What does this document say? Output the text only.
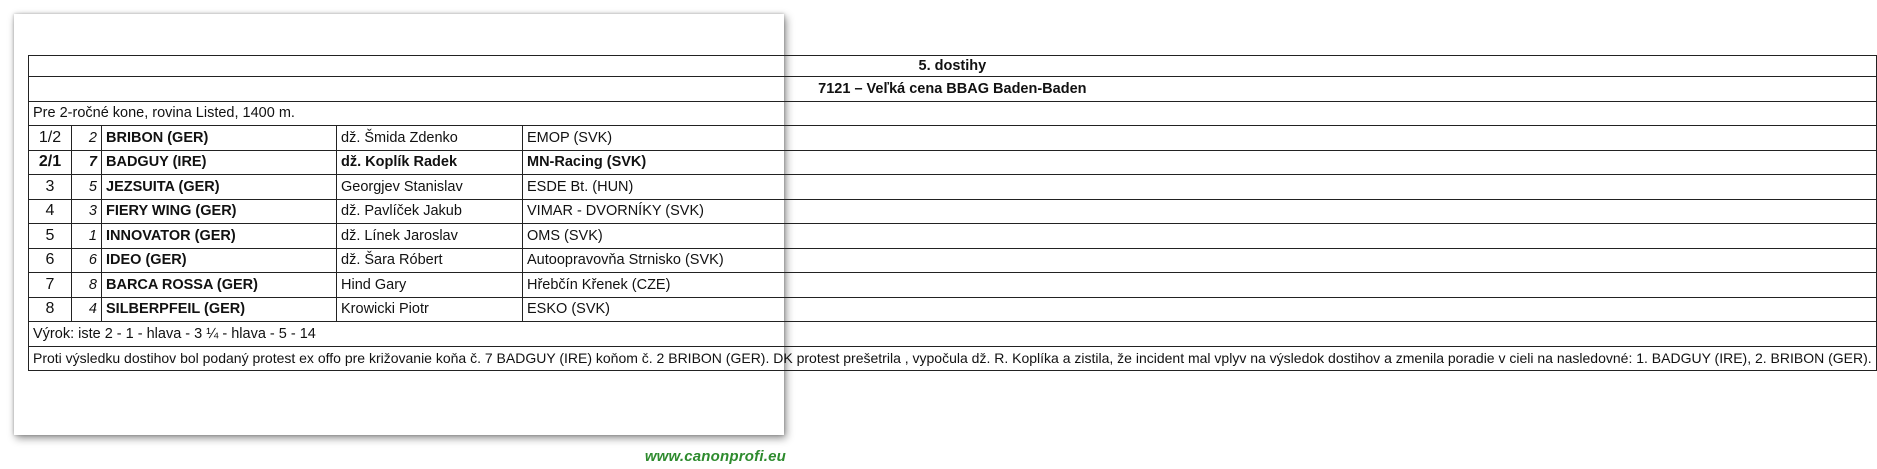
5. dostihy				
7121 – Veľká cena BBAG Baden-Baden				
Pre 2-ročné kone, rovina Listed, 1400 m.				
1/2	2	BRIBON (GER)	dž. Šmida Zdenko	EMOP (SVK)
2/1	7	BADGUY (IRE)	dž. Koplík Radek	MN-Racing (SVK)
3	5	JEZSUITA (GER)	Georgjev Stanislav	ESDE Bt. (HUN)
4	3	FIERY WING (GER)	dž. Pavlíček Jakub	VIMAR - DVORNÍKY (SVK)
5	1	INNOVATOR (GER)	dž. Línek Jaroslav	OMS (SVK)
6	6	IDEO (GER)	dž. Šara Róbert	Autoopravovňa Strnisko (SVK)
7	8	BARCA ROSSA (GER)	Hind Gary	Hřebčín Křenek (CZE)
8	4	SILBERPFEIL (GER)	Krowicki Piotr	ESKO (SVK)
Výrok: iste 2 - 1 - hlava - 3 ¼ - hlava - 5 - 14				
Proti výsledku dostihov bol podaný protest ex offo pre križovanie koňa č. 7 BADGUY (IRE) koňom č. 2 BRIBON (GER). DK protest prešetrila , vypočula dž. R. Koplíka a zistila, že incident mal vplyv na výsledok dostihov a zmenila poradie v cieli na nasledovné: 1. BADGUY (IRE), 2. BRIBON (GER).				
www.canonprofi.eu
